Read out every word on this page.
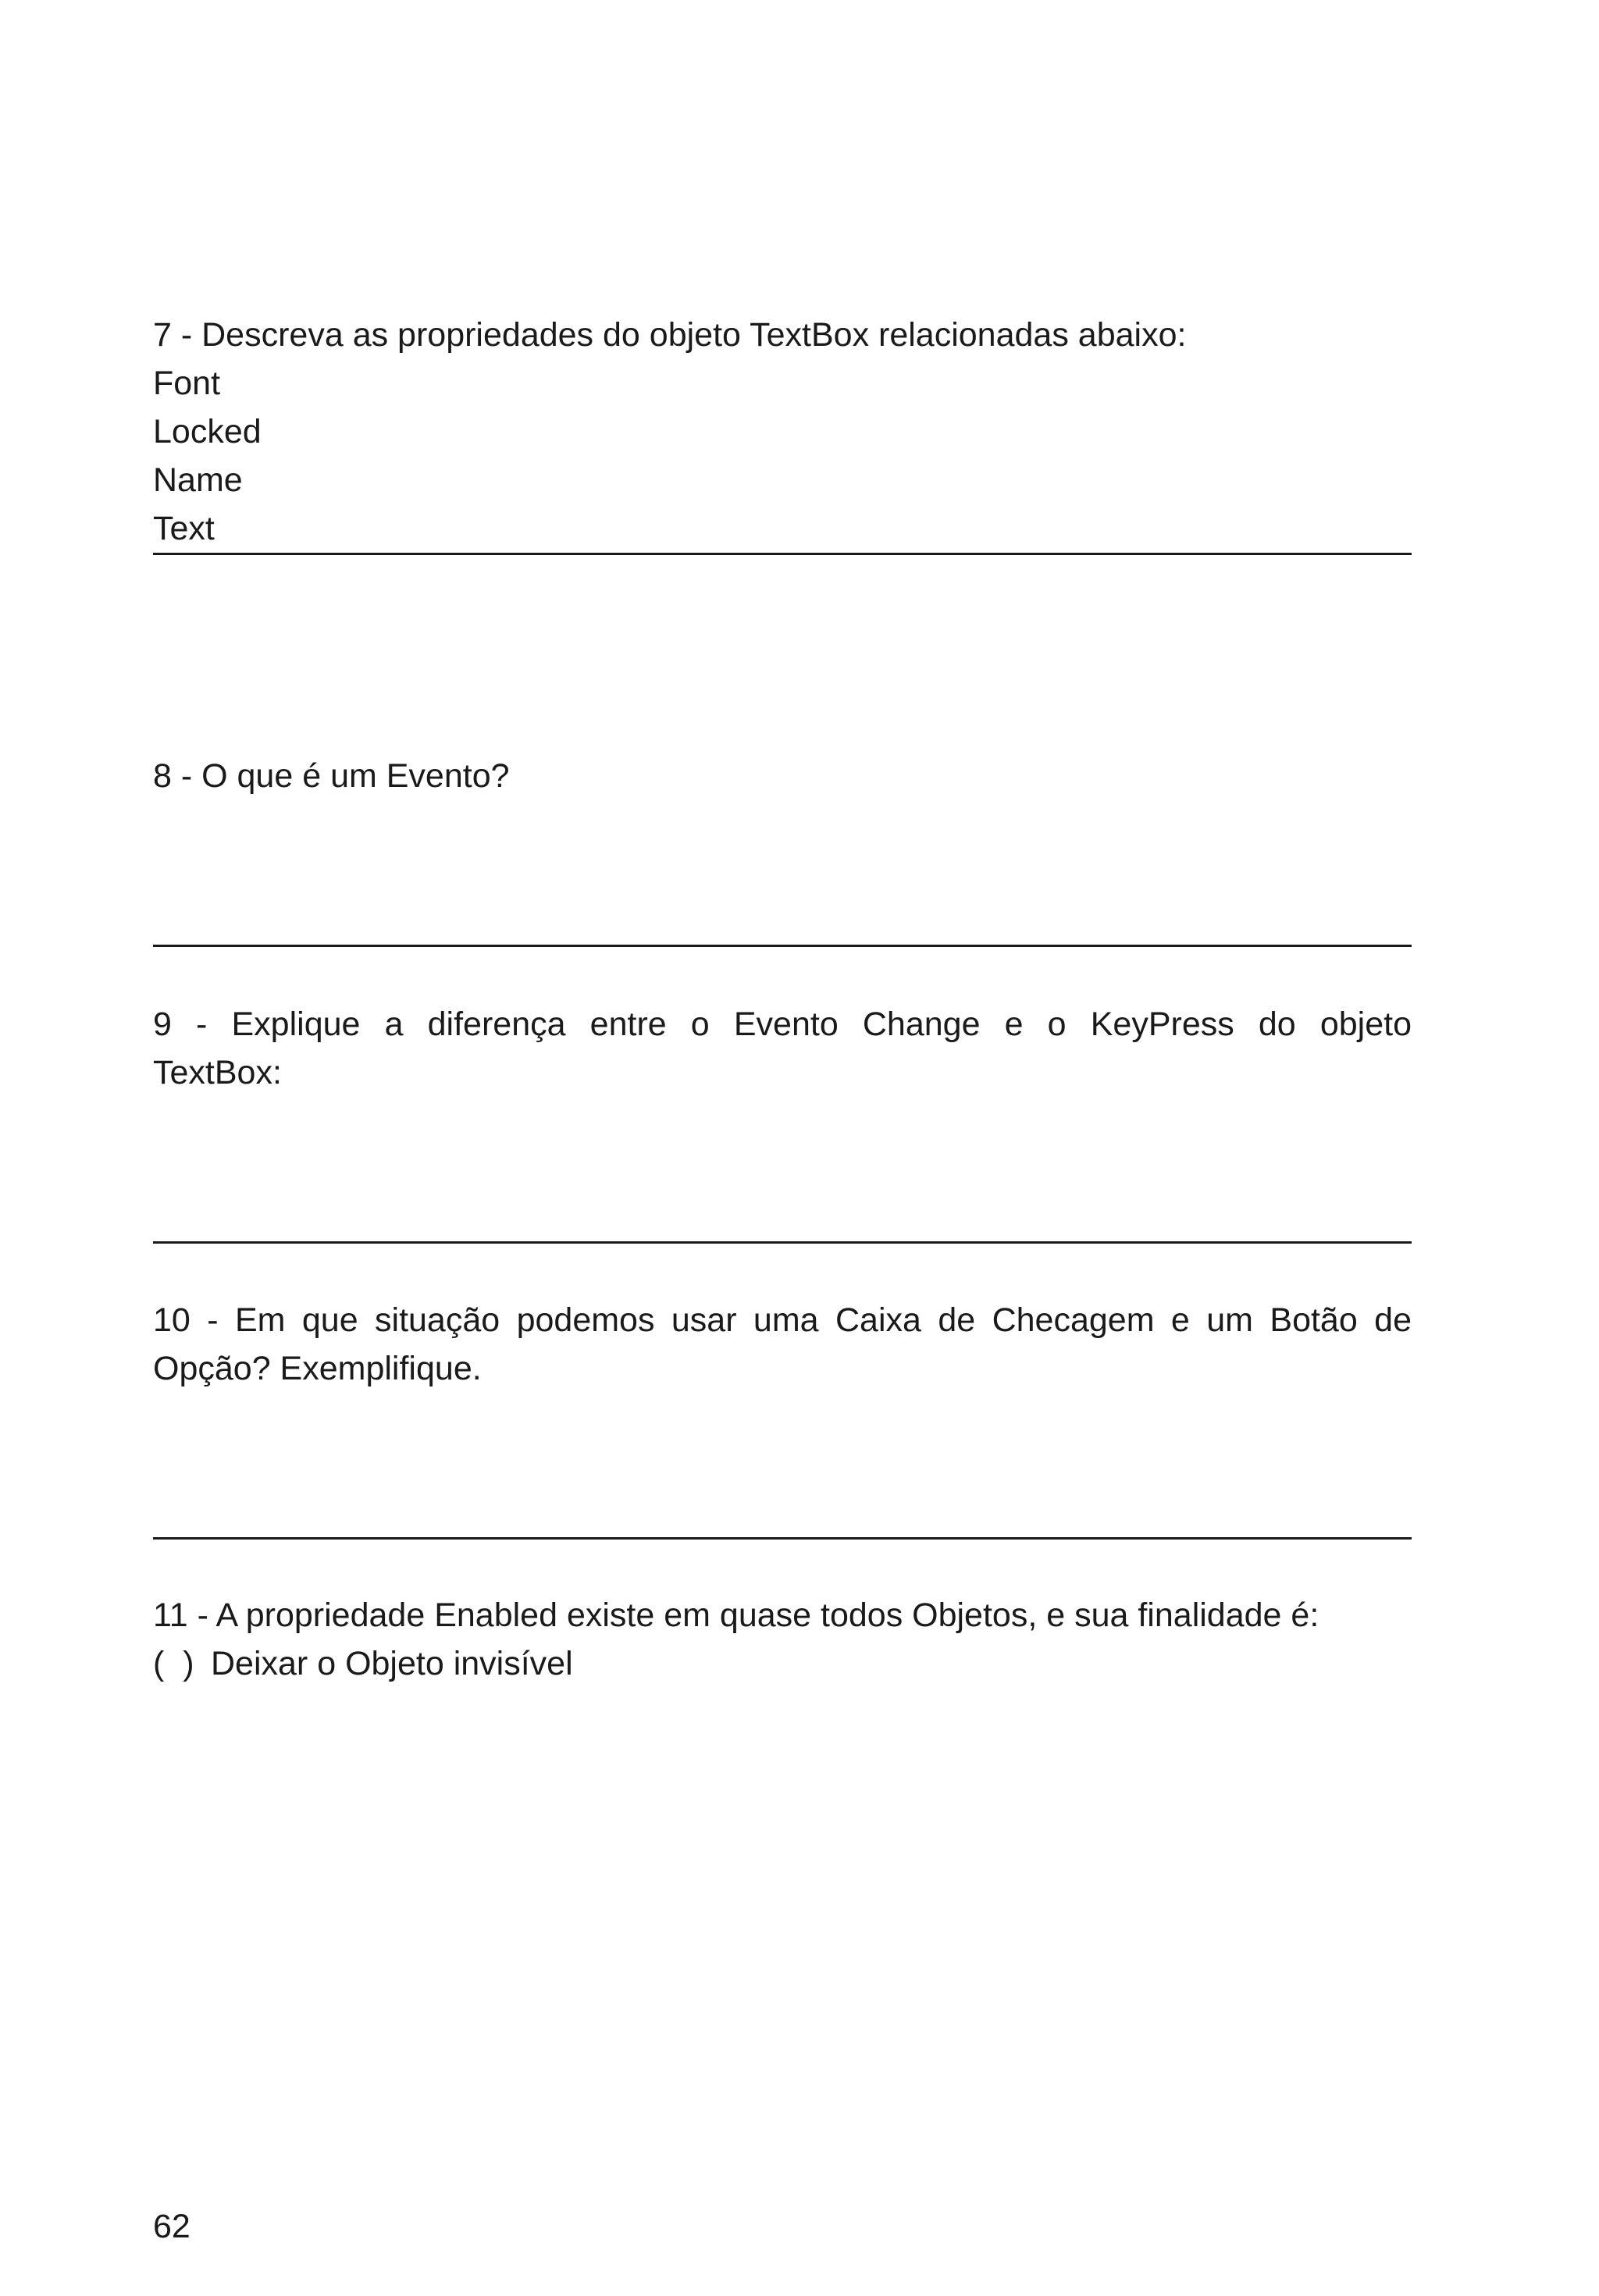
7 - Descreva as propriedades do objeto TextBox relacionadas abaixo:
Font
Locked
Name
Text
8 - O que é um Evento?
9 - Explique a diferença entre o Evento Change e o KeyPress do objeto
TextBox:
10 - Em que situação podemos usar uma Caixa de Checagem e um Botão de
Opção? Exemplifique.
11 - A propriedade Enabled existe em quase todos Objetos, e sua finalidade é:
(  ) Deixar o Objeto invisível
62
